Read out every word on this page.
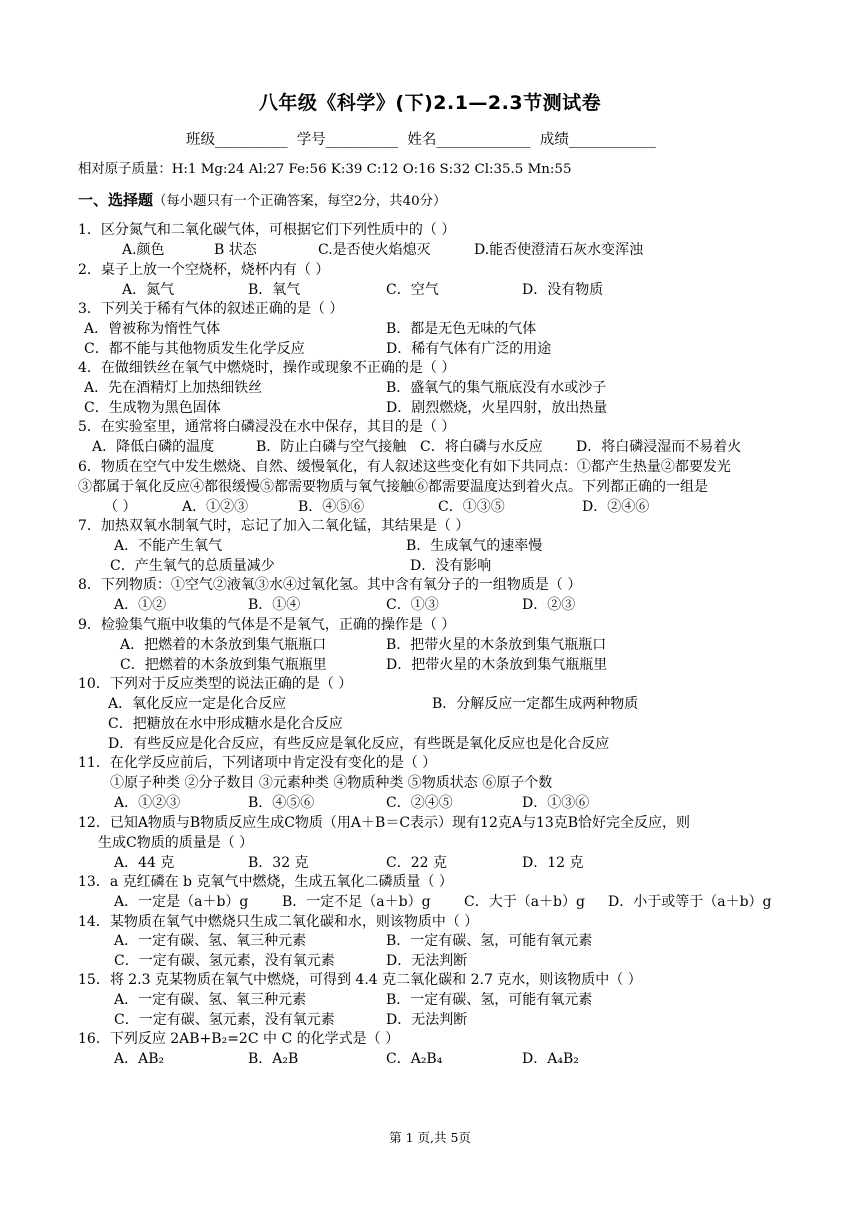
八年级《科学》(下)2.1—2.3节测试卷
班级__________  学号__________  姓名_____________  成绩____________
相对原子质量：H:1 Mg:24 Al:27 Fe:56 K:39 C:12 O:16 S:32 Cl:35.5 Mn:55
一、选择题（每小题只有一个正确答案，每空2分，共40分）
1．区分氮气和二氧化碳气体，可根据它们下列性质中的（ ）
A.颜色	B 状态	C.是否使火焰熄灭	D.能否使澄清石灰水变浑浊
2．桌子上放一个空烧杯，烧杯内有（ ）
A．氮气	B．氧气	C．空气	D．没有物质
3．下列关于稀有气体的叙述正确的是（ ）
A．曾被称为惰性气体	B．都是无色无味的气体
C．都不能与其他物质发生化学反应	D．稀有气体有广泛的用途
4．在做细铁丝在氧气中燃烧时，操作或现象不正确的是（ ）
A．先在酒精灯上加热细铁丝	B．盛氧气的集气瓶底没有水或沙子
C．生成物为黑色固体	D．剧烈燃烧，火星四射，放出热量
5．在实验室里，通常将白磷浸没在水中保存，其目的是（ ）
A．降低白磷的温度	B．防止白磷与空气接触 C．将白磷与水反应 D．将白磷浸湿而不易着火
6．物质在空气中发生燃烧、自然、缓慢氧化，有人叙述这些变化有如下共同点：①都产生热量②都要发光
③都属于氧化反应④都很缓慢⑤都需要物质与氧气接触⑥都需要温度达到着火点。下列都正确的一组是
（ ）	A．①②③	B．④⑤⑥	C．①③⑤	D．②④⑥
7．加热双氧水制氧气时，忘记了加入二氧化锰，其结果是（ ）
A．不能产生氧气	B．生成氧气的速率慢
C．产生氧气的总质量减少	D．没有影响
8．下列物质：①空气②液氧③水④过氧化氢。其中含有氧分子的一组物质是（ ）
A．①②	B．①④	C．①③	D．②③
9．检验集气瓶中收集的气体是不是氧气，正确的操作是（ ）
A．把燃着的木条放到集气瓶瓶口	B．把带火星的木条放到集气瓶瓶口
C．把燃着的木条放到集气瓶瓶里	D．把带火星的木条放到集气瓶瓶里
10．下列对于反应类型的说法正确的是（ ）
A．氧化反应一定是化合反应	B．分解反应一定都生成两种物质
C．把糖放在水中形成糖水是化合反应
D．有些反应是化合反应，有些反应是氧化反应，有些既是氧化反应也是化合反应
11．在化学反应前后，下列诸项中肯定没有变化的是（ ）
①原子种类 ②分子数目 ③元素种类 ④物质种类 ⑤物质状态 ⑥原子个数
A．①②③	B．④⑤⑥	C．②④⑤	D．①③⑥
12．已知A物质与B物质反应生成C物质（用A＋B＝C表示）现有12克A与13克B恰好完全反应，则
生成C物质的质量是（ ）
A．44 克	B．32 克	C．22 克	D．12 克
13．a 克红磷在 b 克氧气中燃烧，生成五氧化二磷质量（ ）
A．一定是（a＋b）g B．一定不足（a＋b）g C．大于（a＋b）g D．小于或等于（a＋b）g
14．某物质在氧气中燃烧只生成二氧化碳和水，则该物质中（ ）
A．一定有碳、氢、氧三种元素	B．一定有碳、氢，可能有氧元素
C．一定有碳、氢元素，没有氧元素	D．无法判断
15．将 2.3 克某物质在氧气中燃烧，可得到 4.4 克二氧化碳和 2.7 克水，则该物质中（ ）
A．一定有碳、氢、氧三种元素	B．一定有碳、氢，可能有氧元素
C．一定有碳、氢元素，没有氧元素	D．无法判断
16．下列反应 2AB+B₂=2C 中 C 的化学式是（ ）
A．AB₂	B．A₂B	C．A₂B₄	D．A₄B₂
第 1 页,共 5页
